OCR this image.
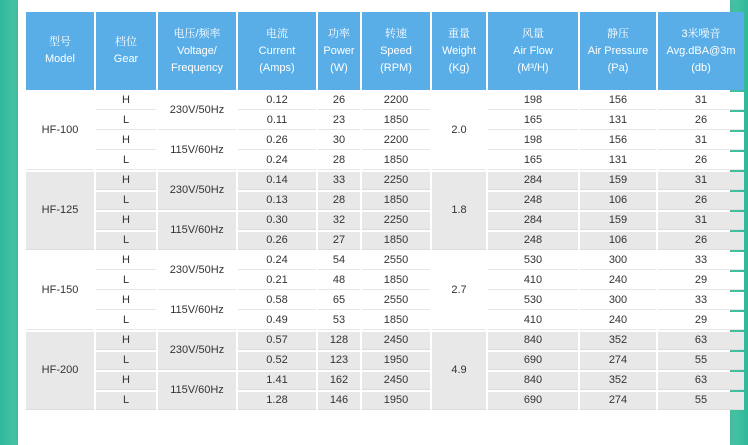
型号
Model	档位
Gear	电压/频率
Voltage/
Frequency	电流
Current
(Amps)	功率
Power
(W)	转速
Speed
(RPM)	重量
Weight
(Kg)	风量
Air Flow
(M³/H)	静压
Air Pressure
(Pa)	3米噪音
Avg.dBA@3m
(db)

HF-100	H	230V/50Hz	0.12	26	2200	2.0	198	156	31
	L		0.11	23	1850		165	131	26
	H	115V/60Hz	0.26	30	2200		198	156	31
	L		0.24	28	1850		165	131	26
HF-125	H	230V/50Hz	0.14	33	2250	1.8	284	159	31
	L		0.13	28	1850		248	106	26
	H	115V/60Hz	0.30	32	2250		284	159	31
	L		0.26	27	1850		248	106	26
HF-150	H	230V/50Hz	0.24	54	2550	2.7	530	300	33
	L		0.21	48	1850		410	240	29
	H	115V/60Hz	0.58	65	2550		530	300	33
	L		0.49	53	1850		410	240	29
HF-200	H	230V/50Hz	0.57	128	2450	4.9	840	352	63
	L		0.52	123	1950		690	274	55
	H	115V/60Hz	1.41	162	2450		840	352	63
	L		1.28	146	1950		690	274	55
